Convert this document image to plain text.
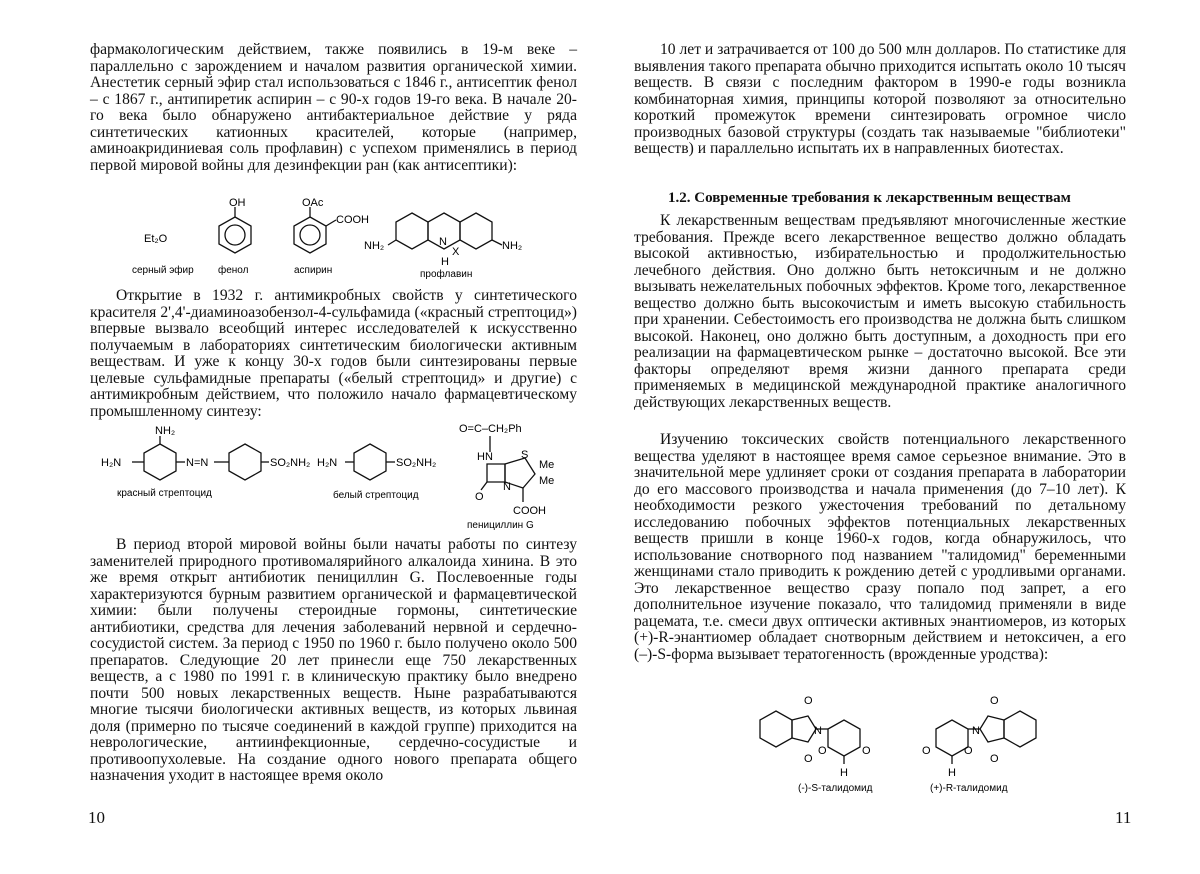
фармакологическим действием, также появились в 19-м веке – параллельно с зарождением и началом развития органической химии. Анестетик серный эфир стал использоваться с 1846 г., антисептик фенол – с 1867 г., антипиретик аспирин – с 90-х годов 19-го века. В начале 20-го века было обнаружено антибактериальное действие у ряда синтетических катионных красителей, которые (например, аминоакридиниевая соль профлавин) с успехом применялись в период первой мировой войны для дезинфекции ран (как антисептики):

Et₂O
серный эфир
OH
фенол
OAc
COOH
аспирин
NH₂	N
X
H
NH₂
профлавин

Открытие в 1932 г. антимикробных свойств у синтетического красителя 2',4'-диаминоазобензол-4-сульфамида («красный стрептоцид») впервые вызвало всеобщий интерес исследователей к искусственно получаемым в лабораториях синтетическим биологически активным веществам. И уже к концу 30-х годов были синтезированы первые целевые сульфамидные препараты («белый стрептоцид» и другие) с антимикробным действием, что положило начало фармацевтическому промышленному синтезу:

NH₂
H₂N	N=N	SO₂NH₂
красный стрептоцид
H₂N	SO₂NH₂
белый стрептоцид
O=C–CH₂Ph
HN	S
Me
Me
O
N
COOH
пенициллин G

В период второй мировой войны были начаты работы по синтезу заменителей природного противомалярийного алкалоида хинина. В это же время открыт антибиотик пенициллин G. Послевоенные годы характеризуются бурным развитием органической и фармацевтической химии: были получены стероидные гормоны, синтетические антибиотики, средства для лечения заболеваний нервной и сердечно-сосудистой систем. За период с 1950 по 1960 г. было получено около 500 препаратов. Следующие 20 лет принесли еще 750 лекарственных веществ, а с 1980 по 1991 г. в клиническую практику было внедрено почти 500 новых лекарственных веществ. Ныне разрабатываются многие тысячи биологически активных веществ, из которых львиная доля (примерно по тысяче соединений в каждой группе) приходится на неврологические, антиинфекционные, сердечно-сосудистые и противоопухолевые. На создание одного нового препарата общего назначения уходит в настоящее время около

10

10 лет и затрачивается от 100 до 500 млн долларов. По статистике для выявления такого препарата обычно приходится испытать около 10 тысяч веществ. В связи с последним фактором в 1990-е годы возникла комбинаторная химия, принципы которой позволяют за относительно короткий промежуток времени синтезировать огромное число производных базовой структуры (создать так называемые "библиотеки" веществ) и параллельно испытать их в направленных биотестах.

1.2. Современные требования к лекарственным веществам

К лекарственным веществам предъявляют многочисленные жесткие требования. Прежде всего лекарственное вещество должно обладать высокой активностью, избирательностью и продолжительностью лечебного действия. Оно должно быть нетоксичным и не должно вызывать нежелательных побочных эффектов. Кроме того, лекарственное вещество должно быть высокочистым и иметь высокую стабильность при хранении. Себестоимость его производства не должна быть слишком высокой. Наконец, оно должно быть доступным, а доходность при его реализации на фармацевтическом рынке – достаточно высокой. Все эти факторы определяют время жизни данного препарата среди применяемых в медицинской международной практике аналогичного действующих лекарственных веществ.

Изучению токсических свойств потенциального лекарственного вещества уделяют в настоящее время самое серьезное внимание. Это в значительной мере удлиняет сроки от создания препарата в лаборатории до его массового производства и начала применения (до 7–10 лет). К необходимости резкого ужесточения требований по детальному исследованию побочных эффектов потенциальных лекарственных веществ пришли в конце 1960-х годов, когда обнаружилось, что использование снотворного под названием "талидомид" беременными женщинами стало приводить к рождению детей с уродливыми органами. Это лекарственное вещество сразу попало под запрет, а его дополнительное изучение показало, что талидомид применяли в виде рацемата, т.е. смеси двух оптически активных энантиомеров, из которых (+)-R-энантиомер обладает снотворным действием и нетоксичен, а его (–)-S-форма вызывает тератогенность (врожденные уродства):

O
O
N
O	O
H
(-)-S-талидомид
O
O
N
O	O
H
(+)-R-талидомид

11
